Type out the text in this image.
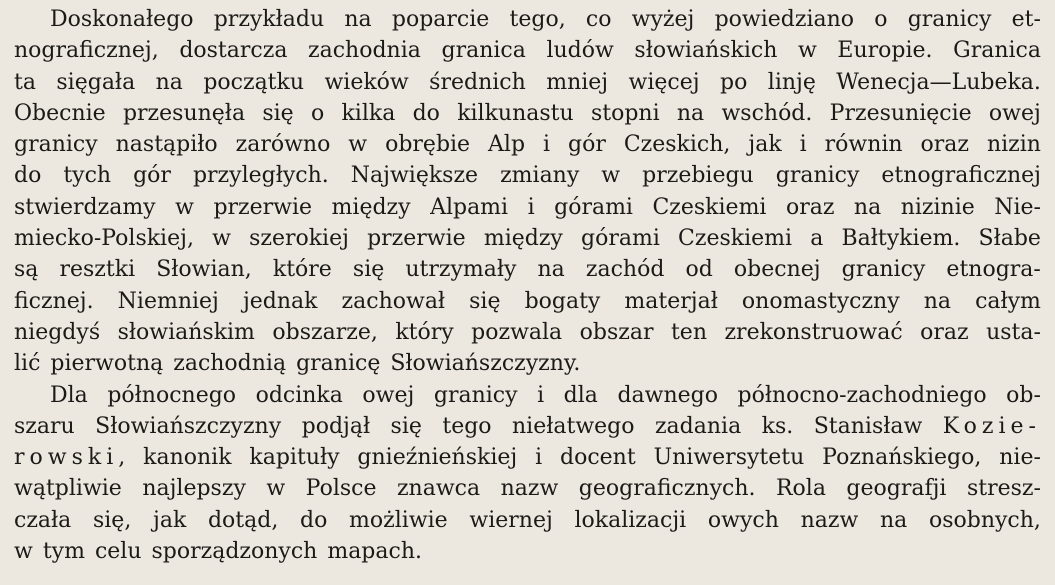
Doskonałego przykładu na poparcie tego, co wyżej powiedziano o granicy et-
nograficznej, dostarcza zachodnia granica ludów słowiańskich w Europie. Granica
ta sięgała na początku wieków średnich mniej więcej po linję Wenecja—Lubeka.
Obecnie przesunęła się o kilka do kilkunastu stopni na wschód. Przesunięcie owej
granicy nastąpiło zarówno w obrębie Alp i gór Czeskich, jak i równin oraz nizin
do tych gór przyległych. Największe zmiany w przebiegu granicy etnograficznej
stwierdzamy w przerwie między Alpami i górami Czeskiemi oraz na nizinie Nie-
miecko-Polskiej, w szerokiej przerwie między górami Czeskiemi a Bałtykiem. Słabe
są resztki Słowian, które się utrzymały na zachód od obecnej granicy etnogra-
ficznej. Niemniej jednak zachował się bogaty materjał onomastyczny na całym
niegdyś słowiańskim obszarze, który pozwala obszar ten zrekonstruować oraz usta-
lić pierwotną zachodnią granicę Słowiańszczyzny.
Dla północnego odcinka owej granicy i dla dawnego północno-zachodniego ob-
szaru Słowiańszczyzny podjął się tego niełatwego zadania ks. Stanisław Kozie-
rowski, kanonik kapituły gnieźnieńskiej i docent Uniwersytetu Poznańskiego, nie-
wątpliwie najlepszy w Polsce znawca nazw geograficznych. Rola geografji stresz-
czała się, jak dotąd, do możliwie wiernej lokalizacji owych nazw na osobnych,
w tym celu sporządzonych mapach.
